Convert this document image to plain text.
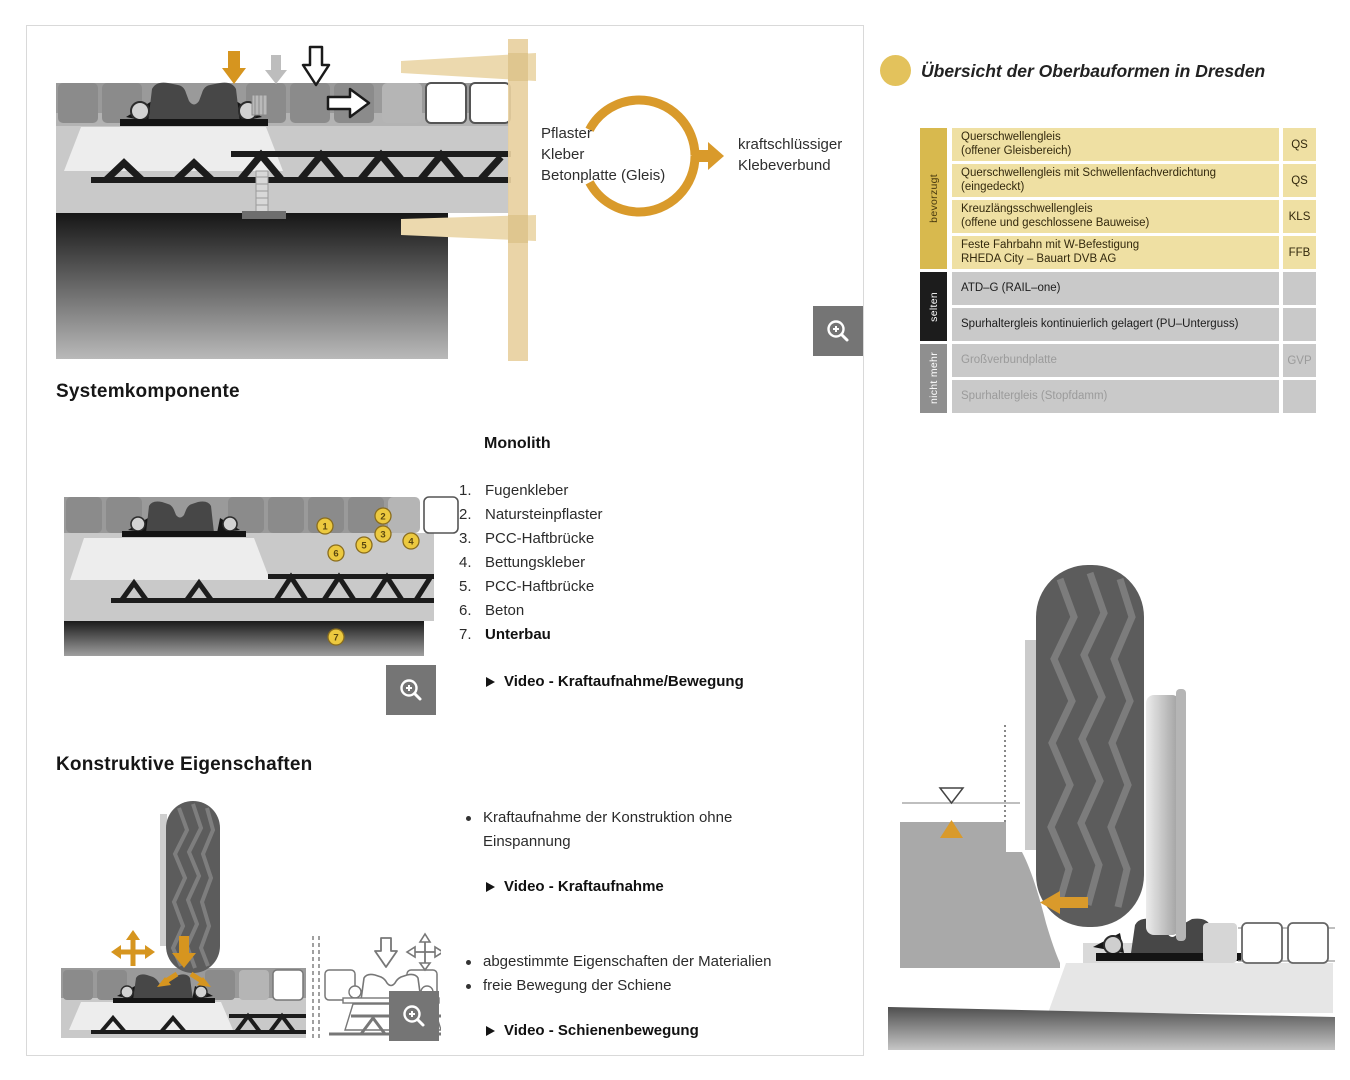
Pflaster
Kleber
Betonplatte (Gleis)
kraftschlüssiger
Klebeverbund
Systemkomponente
1
2
3
4
5
6
7
Monolith
1. Fugenkleber
2. Natursteinpflaster
3. PCC-Haftbrücke
4. Bettungskleber
5. PCC-Haftbrücke
6. Beton
7. Unterbau
Video - Kraftaufnahme/Bewegung
Konstruktive Eigenschaften
Kraftaufnahme der Konstruktion ohne Einspannung
Video - Kraftaufnahme
abgestimmte Eigenschaften der Materialien
freie Bewegung der Schiene
Video - Schienenbewegung
Übersicht der Oberbauformen in Dresden
bevorzugt
Querschwellengleis
(offener Gleisbereich)	QS
Querschwellengleis mit Schwellenfachverdichtung
(eingedeckt)	QS
Kreuzlängsschwellengleis
(offene und geschlossene Bauweise)	KLS
Feste Fahrbahn mit W-Befestigung
RHEDA City – Bauart DVB AG	FFB
selten
ATD–G (RAIL–one)
Spurhaltergleis kontinuierlich gelagert (PU–Unterguss)
nicht mehr Großverbundplatte	GVP
Spurhaltergleis (Stopfdamm)
